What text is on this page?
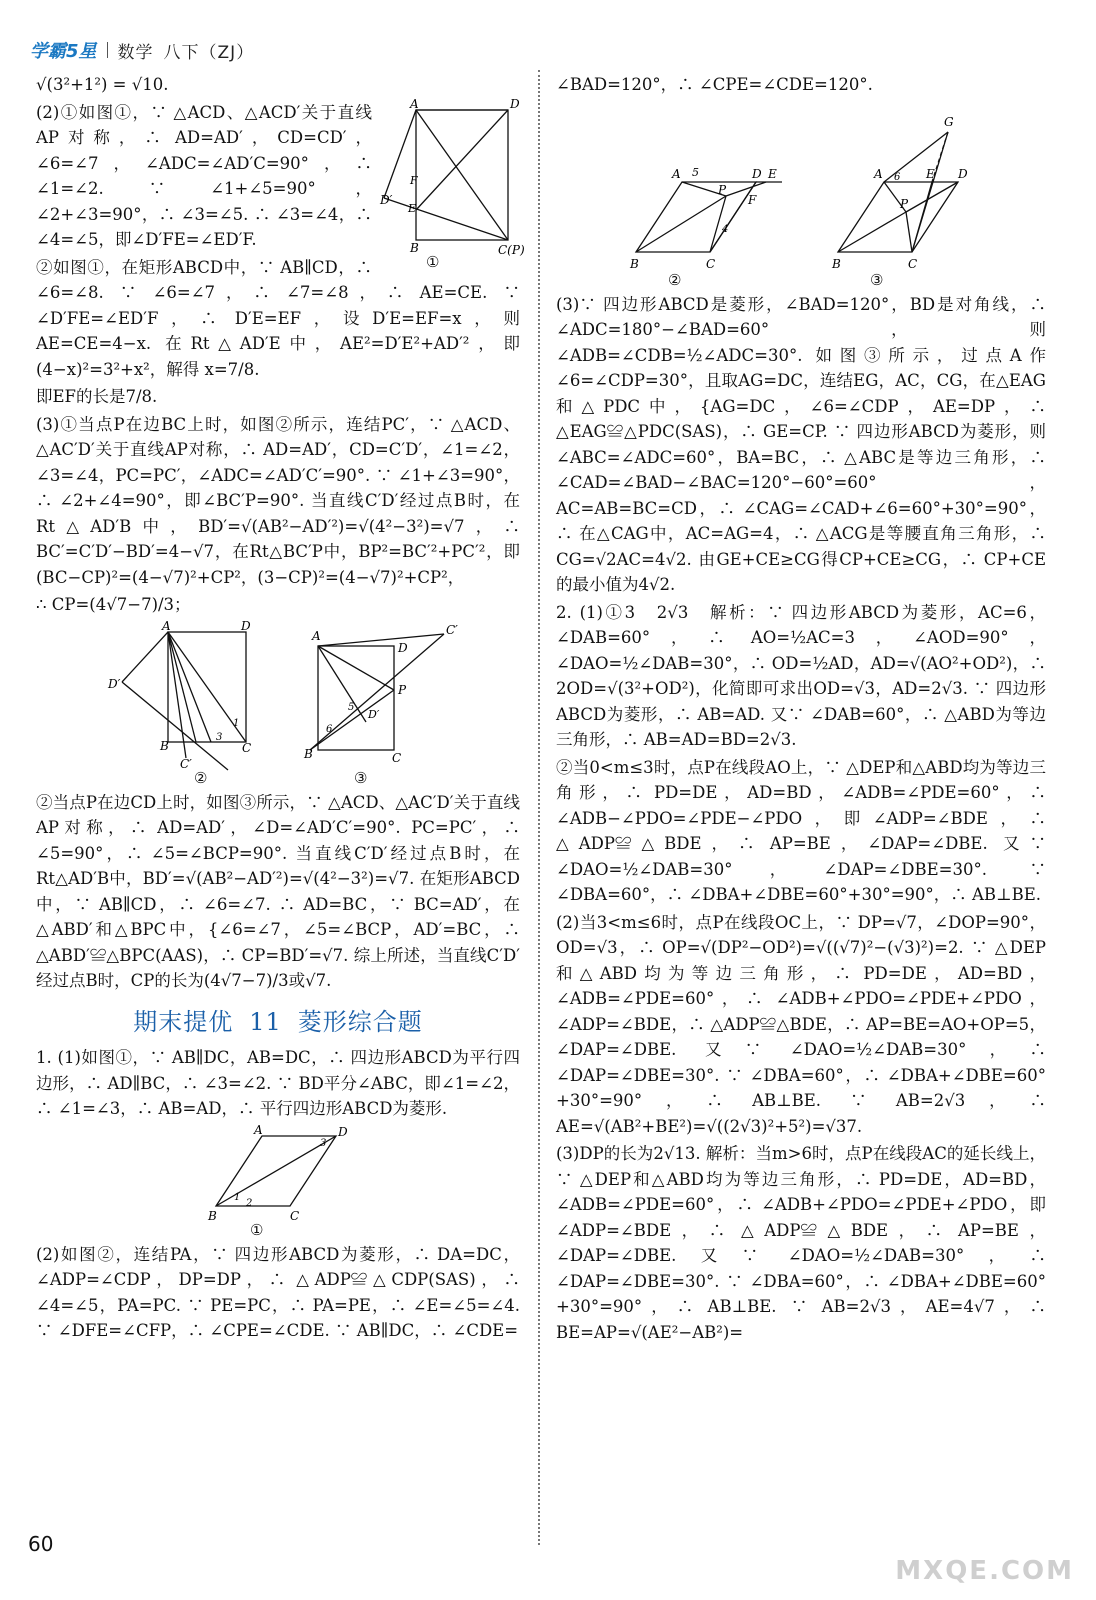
学霸5星 数学 八下（ZJ）

√(3²+1²) = √10.

A	D
B	C(P)
D′
E
F
①

(2)①如图①，∵ △ACD、△ACD′关于直线AP对称，∴ AD=AD′，CD=CD′，∠6=∠7，∠ADC=∠AD′C=90°，∴ ∠1=∠2. ∵ ∠1+∠5=90°，∠2+∠3=90°，∴ ∠3=∠5. ∴ ∠3=∠4，∴ ∠4=∠5，即∠D′FE=∠ED′F.

②如图①，在矩形ABCD中，∵ AB∥CD，∴ ∠6=∠8. ∵ ∠6=∠7，∴ ∠7=∠8，∴ AE=CE. ∵ ∠D′FE=∠ED′F，∴ D′E=EF，设D′E=EF=x，则AE=CE=4−x. 在Rt△AD′E中，AE²=D′E²+AD′²，即(4−x)²=3²+x²，解得 x=7/8.

即EF的长是7/8.

(3)①当点P在边BC上时，如图②所示，连结PC′，∵ △ACD、△AC′D′关于直线AP对称，∴ AD=AD′，CD=C′D′，∠1=∠2，∠3=∠4，PC=PC′，∠ADC=∠AD′C′=90°. ∵ ∠1+∠3=90°，∴ ∠2+∠4=90°，即∠BC′P=90°. 当直线C′D′经过点B时，在Rt△AD′B中，BD′=√(AB²−AD′²)=√(4²−3²)=√7，∴ BC′=C′D′−BD′=4−√7，在Rt△BC′P中，BP²=BC′²+PC′²，即(BC−CP)²=(4−√7)²+CP²，(3−CP)²=(4−√7)²+CP²，

∴ CP=(4√7−7)/3；

A	D
B	C
D′
C′
3
1
A
D
C′
B	C
P
D′
6
5
②	③

②当点P在边CD上时，如图③所示，∵ △ACD、△AC′D′关于直线AP对称，∴ AD=AD′，∠D=∠AD′C′=90°. PC=PC′，∴ ∠5=90°，∴ ∠5=∠BCP=90°. 当直线C′D′经过点B时，在Rt△AD′B中，BD′=√(AB²−AD′²)=√(4²−3²)=√7. 在矩形ABCD中，∵ AB∥CD，∴ ∠6=∠7. ∴ AD=BC，∵ BC=AD′，在△ABD′和△BPC中，{∠6=∠7，∠5=∠BCP，AD′=BC，∴ △ABD′≌△BPC(AAS)，∴ CP=BD′=√7. 综上所述，当直线C′D′经过点B时，CP的长为(4√7−7)/3或√7.

期末提优 11 菱形综合题

1. (1)如图①，∵ AB∥DC，AB=DC，∴ 四边形ABCD为平行四边形，∴ AD∥BC，∴ ∠3=∠2. ∵ BD平分∠ABC，即∠1=∠2，∴ ∠1=∠3，∴ AB=AD，∴ 平行四边形ABCD为菱形.

A	D
B	C
3
1
2
①

(2)如图②，连结PA，∵ 四边形ABCD为菱形，∴ DA=DC，∠ADP=∠CDP，DP=DP，∴ △ADP≌△CDP(SAS)，∴ ∠4=∠5，PA=PC. ∵ PE=PC，∴ PA=PE，∴ ∠E=∠5=∠4. ∵ ∠DFE=∠CFP，∴ ∠CPE=∠CDE. ∵ AB∥DC，∴ ∠CDE=

∠BAD=120°，∴ ∠CPE=∠CDE=120°.

A 5	D E
P
F
B	C
4
G
A 6 E D
P
B	C
②	③

(3)∵ 四边形ABCD是菱形，∠BAD=120°，BD是对角线，∴ ∠ADC=180°−∠BAD=60°，则∠ADB=∠CDB=½∠ADC=30°. 如图③所示，过点A作∠6=∠CDP=30°，且取AG=DC，连结EG，AC，CG，在△EAG和△PDC中，{AG=DC，∠6=∠CDP，AE=DP，∴ △EAG≌△PDC(SAS)，∴ GE=CP. ∵ 四边形ABCD为菱形，则∠ABC=∠ADC=60°，BA=BC，∴ △ABC是等边三角形，∴ ∠CAD=∠BAD−∠BAC=120°−60°=60°，AC=AB=BC=CD，∴ ∠CAG=∠CAD+∠6=60°+30°=90°，∴ 在△CAG中，AC=AG=4，∴ △ACG是等腰直角三角形，∴ CG=√2AC=4√2. 由GE+CE≥CG得CP+CE≥CG，∴ CP+CE的最小值为4√2.

2. (1)①3　2√3　解析：∵ 四边形ABCD为菱形，AC=6，∠DAB=60°，∴ AO=½AC=3，∠AOD=90°，∠DAO=½∠DAB=30°，∴ OD=½AD，AD=√(AO²+OD²)，∴ 2OD=√(3²+OD²)，化简即可求出OD=√3，AD=2√3. ∵ 四边形ABCD为菱形，∴ AB=AD. 又∵ ∠DAB=60°，∴ △ABD为等边三角形，∴ AB=AD=BD=2√3.

②当0<m≤3时，点P在线段AO上，∵ △DEP和△ABD均为等边三角形，∴ PD=DE，AD=BD，∠ADB=∠PDE=60°，∴ ∠ADB−∠PDO=∠PDE−∠PDO，即∠ADP=∠BDE，∴ △ADP≌△BDE，∴ AP=BE，∠DAP=∠DBE. 又∵ ∠DAO=½∠DAB=30°，∠DAP=∠DBE=30°. ∵ ∠DBA=60°，∴ ∠DBA+∠DBE=60°+30°=90°，∴ AB⊥BE.

(2)当3<m≤6时，点P在线段OC上，∵ DP=√7，∠DOP=90°，OD=√3，∴ OP=√(DP²−OD²)=√((√7)²−(√3)²)=2. ∵ △DEP和△ABD均为等边三角形，∴ PD=DE，AD=BD，∠ADB=∠PDE=60°，∴ ∠ADB+∠PDO=∠PDE+∠PDO，∠ADP=∠BDE，∴ △ADP≌△BDE，∴ AP=BE=AO+OP=5，∠DAP=∠DBE. 又∵ ∠DAO=½∠DAB=30°，∴ ∠DAP=∠DBE=30°. ∵ ∠DBA=60°，∴ ∠DBA+∠DBE=60°+30°=90°，∴ AB⊥BE. ∵ AB=2√3，∴ AE=√(AB²+BE²)=√((2√3)²+5²)=√37.

(3)DP的长为2√13. 解析：当m>6时，点P在线段AC的延长线上，∵ △DEP和△ABD均为等边三角形，∴ PD=DE，AD=BD，∠ADB=∠PDE=60°，∴ ∠ADB+∠PDO=∠PDE+∠PDO，即∠ADP=∠BDE，∴ △ADP≌△BDE，∴ AP=BE，∠DAP=∠DBE.又∵ ∠DAO=½∠DAB=30°，∴ ∠DAP=∠DBE=30°. ∵ ∠DBA=60°，∴ ∠DBA+∠DBE=60°+30°=90°，∴ AB⊥BE. ∵ AB=2√3，AE=4√7，∴ BE=AP=√(AE²−AB²)=

60
MXQE.COM
